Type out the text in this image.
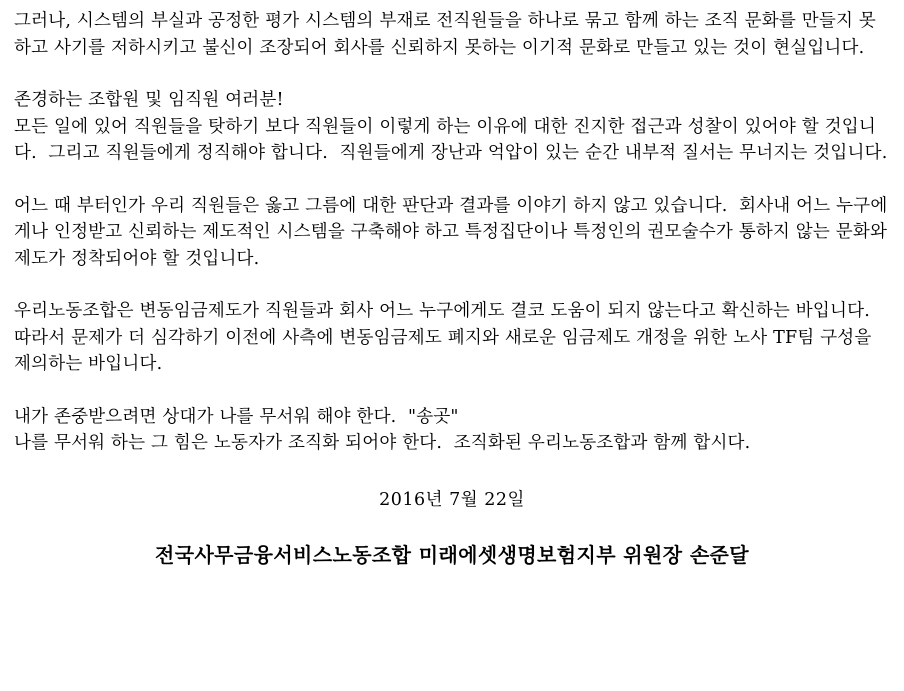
그러나, 시스템의 부실과 공정한 평가 시스템의 부재로 전직원들을 하나로 묶고 함께 하는 조직 문화를 만들지 못하고 사기를 저하시키고 불신이 조장되어 회사를 신뢰하지 못하는 이기적 문화로 만들고 있는 것이 현실입니다.

존경하는 조합원 및 임직원 여러분!

모든 일에 있어 직원들을 탓하기 보다 직원들이 이렇게 하는 이유에 대한 진지한 접근과 성찰이 있어야 할 것입니다.  그리고 직원들에게 정직해야 합니다.  직원들에게 장난과 억압이 있는 순간 내부적 질서는 무너지는 것입니다.

어느 때 부터인가 우리 직원들은 옳고 그름에 대한 판단과 결과를 이야기 하지 않고 있습니다.  회사내 어느 누구에게나 인정받고 신뢰하는 제도적인 시스템을 구축해야 하고 특정집단이나 특정인의 권모술수가 통하지 않는 문화와 제도가 정착되어야 할 것입니다.

우리노동조합은 변동임금제도가 직원들과 회사 어느 누구에게도 결코 도움이 되지 않는다고 확신하는 바입니다.

따라서 문제가 더 심각하기 이전에 사측에 변동임금제도 폐지와 새로운 임금제도 개정을 위한 노사 TF팀 구성을 제의하는 바입니다.

내가 존중받으려면 상대가 나를 무서워 해야 한다.  "송곳"

나를 무서워 하는 그 힘은 노동자가 조직화 되어야 한다.  조직화된 우리노동조합과 함께 합시다.

2016년 7월 22일
전국사무금융서비스노동조합 미래에셋생명보험지부 위원장 손준달
